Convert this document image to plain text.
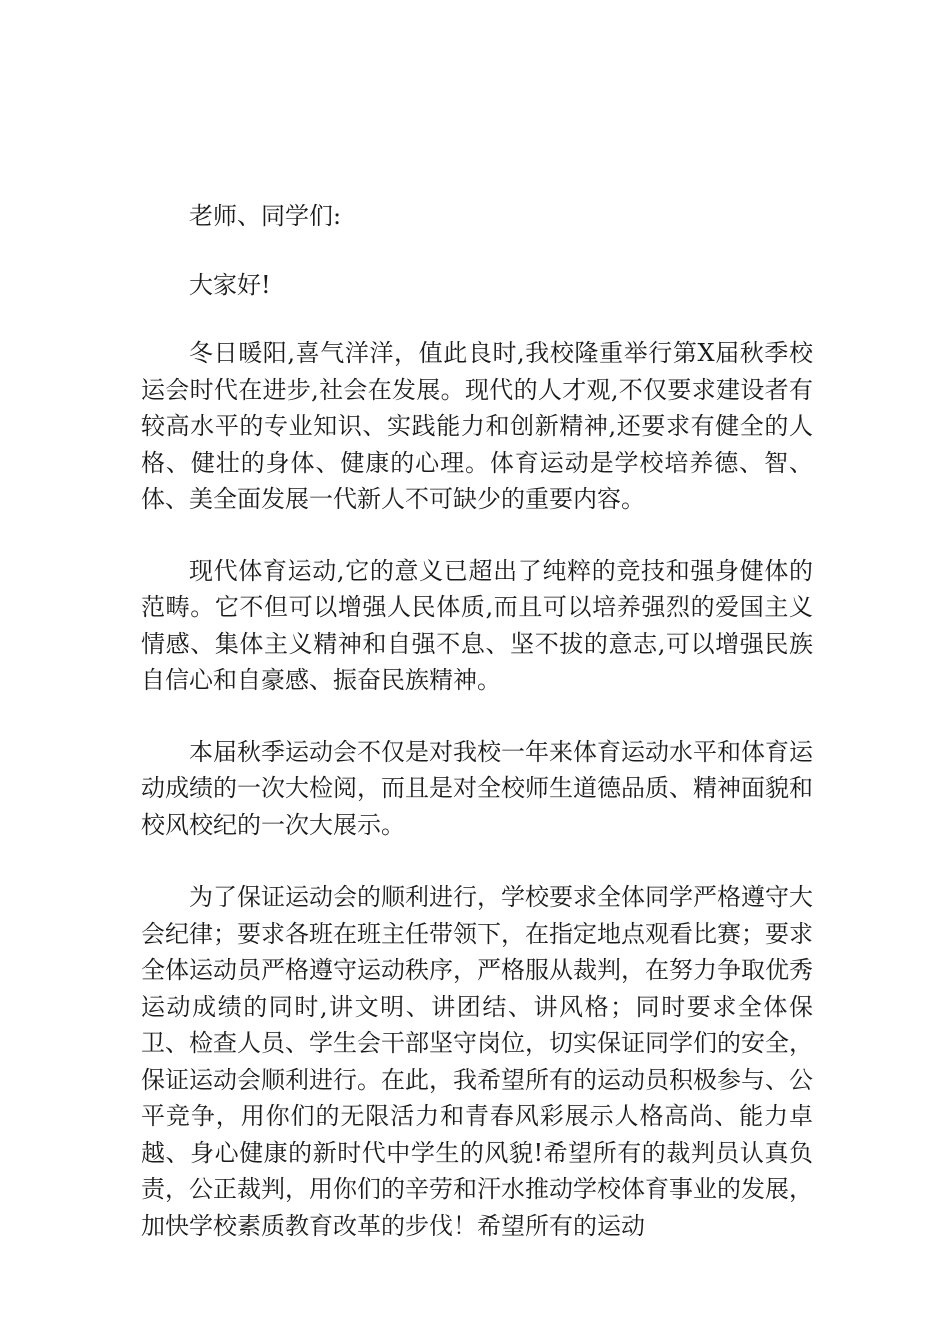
老师、同学们:

大家好!

冬日暖阳,喜气洋洋，值此良时,我校隆重举行第X届秋季校运会时代在进步,社会在发展。现代的人才观,不仅要求建设者有较高水平的专业知识、实践能力和创新精神,还要求有健全的人格、健壮的身体、健康的心理。体育运动是学校培养德、智、体、美全面发展一代新人不可缺少的重要内容。

现代体育运动,它的意义已超出了纯粹的竞技和强身健体的范畴。它不但可以增强人民体质,而且可以培养强烈的爱国主义情感、集体主义精神和自强不息、坚不拔的意志,可以增强民族自信心和自豪感、振奋民族精神。

本届秋季运动会不仅是对我校一年来体育运动水平和体育运动成绩的一次大检阅，而且是对全校师生道德品质、精神面貌和校风校纪的一次大展示。

为了保证运动会的顺利进行，学校要求全体同学严格遵守大会纪律；要求各班在班主任带领下，在指定地点观看比赛；要求全体运动员严格遵守运动秩序，严格服从裁判，在努力争取优秀运动成绩的同时,讲文明、讲团结、讲风格；同时要求全体保卫、检查人员、学生会干部坚守岗位，切实保证同学们的安全，保证运动会顺利进行。在此，我希望所有的运动员积极参与、公平竞争，用你们的无限活力和青春风彩展示人格高尚、能力卓越、身心健康的新时代中学生的风貌!希望所有的裁判员认真负责，公正裁判，用你们的辛劳和汗水推动学校体育事业的发展，加快学校素质教育改革的步伐！希望所有的运动
